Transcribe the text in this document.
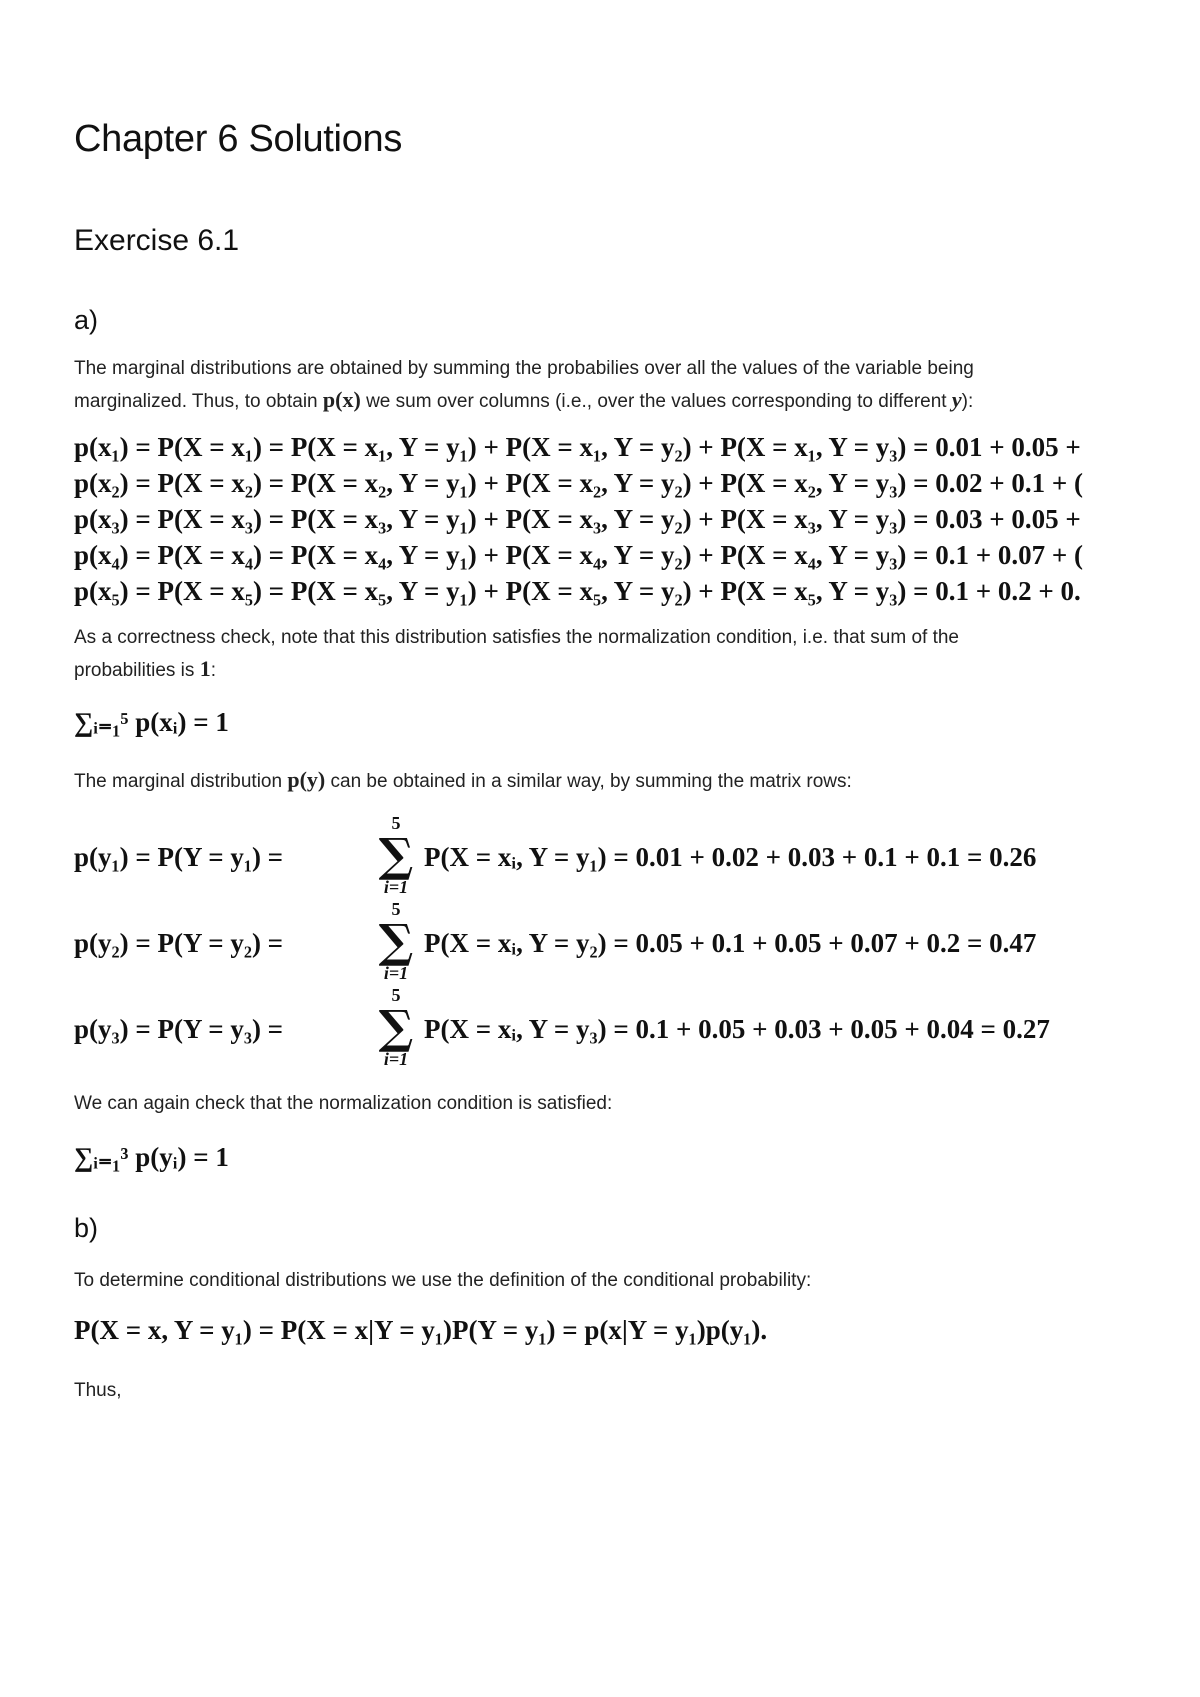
Chapter 6 Solutions
Exercise 6.1
a)
The marginal distributions are obtained by summing the probabilies over all the values of the variable being
marginalized. Thus, to obtain p(x) we sum over columns (i.e., over the values corresponding to different y):
p(x₁) = P(X = x₁) = P(X = x₁, Y = y₁) + P(X = x₁, Y = y₂) + P(X = x₁, Y = y₃) = 0.01 + 0.05 +
p(x₂) = P(X = x₂) = P(X = x₂, Y = y₁) + P(X = x₂, Y = y₂) + P(X = x₂, Y = y₃) = 0.02 + 0.1 + (
p(x₃) = P(X = x₃) = P(X = x₃, Y = y₁) + P(X = x₃, Y = y₂) + P(X = x₃, Y = y₃) = 0.03 + 0.05 +
p(x₄) = P(X = x₄) = P(X = x₄, Y = y₁) + P(X = x₄, Y = y₂) + P(X = x₄, Y = y₃) = 0.1 + 0.07 + (
p(x₅) = P(X = x₅) = P(X = x₅, Y = y₁) + P(X = x₅, Y = y₂) + P(X = x₅, Y = y₃) = 0.1 + 0.2 + 0.
As a correctness check, note that this distribution satisfies the normalization condition, i.e. that sum of the
probabilities is 1:
∑ᵢ₌₁⁵ p(xᵢ) = 1
The marginal distribution p(y) can be obtained in a similar way, by summing the matrix rows:
p(y₁) = P(Y = y₁) =
5
∑
i=1
P(X = xᵢ, Y = y₁) = 0.01 + 0.02 + 0.03 + 0.1 + 0.1 = 0.26
p(y₂) = P(Y = y₂) =
5
∑
i=1
P(X = xᵢ, Y = y₂) = 0.05 + 0.1 + 0.05 + 0.07 + 0.2 = 0.47
p(y₃) = P(Y = y₃) =
5
∑
i=1
P(X = xᵢ, Y = y₃) = 0.1 + 0.05 + 0.03 + 0.05 + 0.04 = 0.27
We can again check that the normalization condition is satisfied:
∑ᵢ₌₁³ p(yᵢ) = 1
b)
To determine conditional distributions we use the definition of the conditional probability:
P(X = x, Y = y₁) = P(X = x|Y = y₁)P(Y = y₁) = p(x|Y = y₁)p(y₁).
Thus,
